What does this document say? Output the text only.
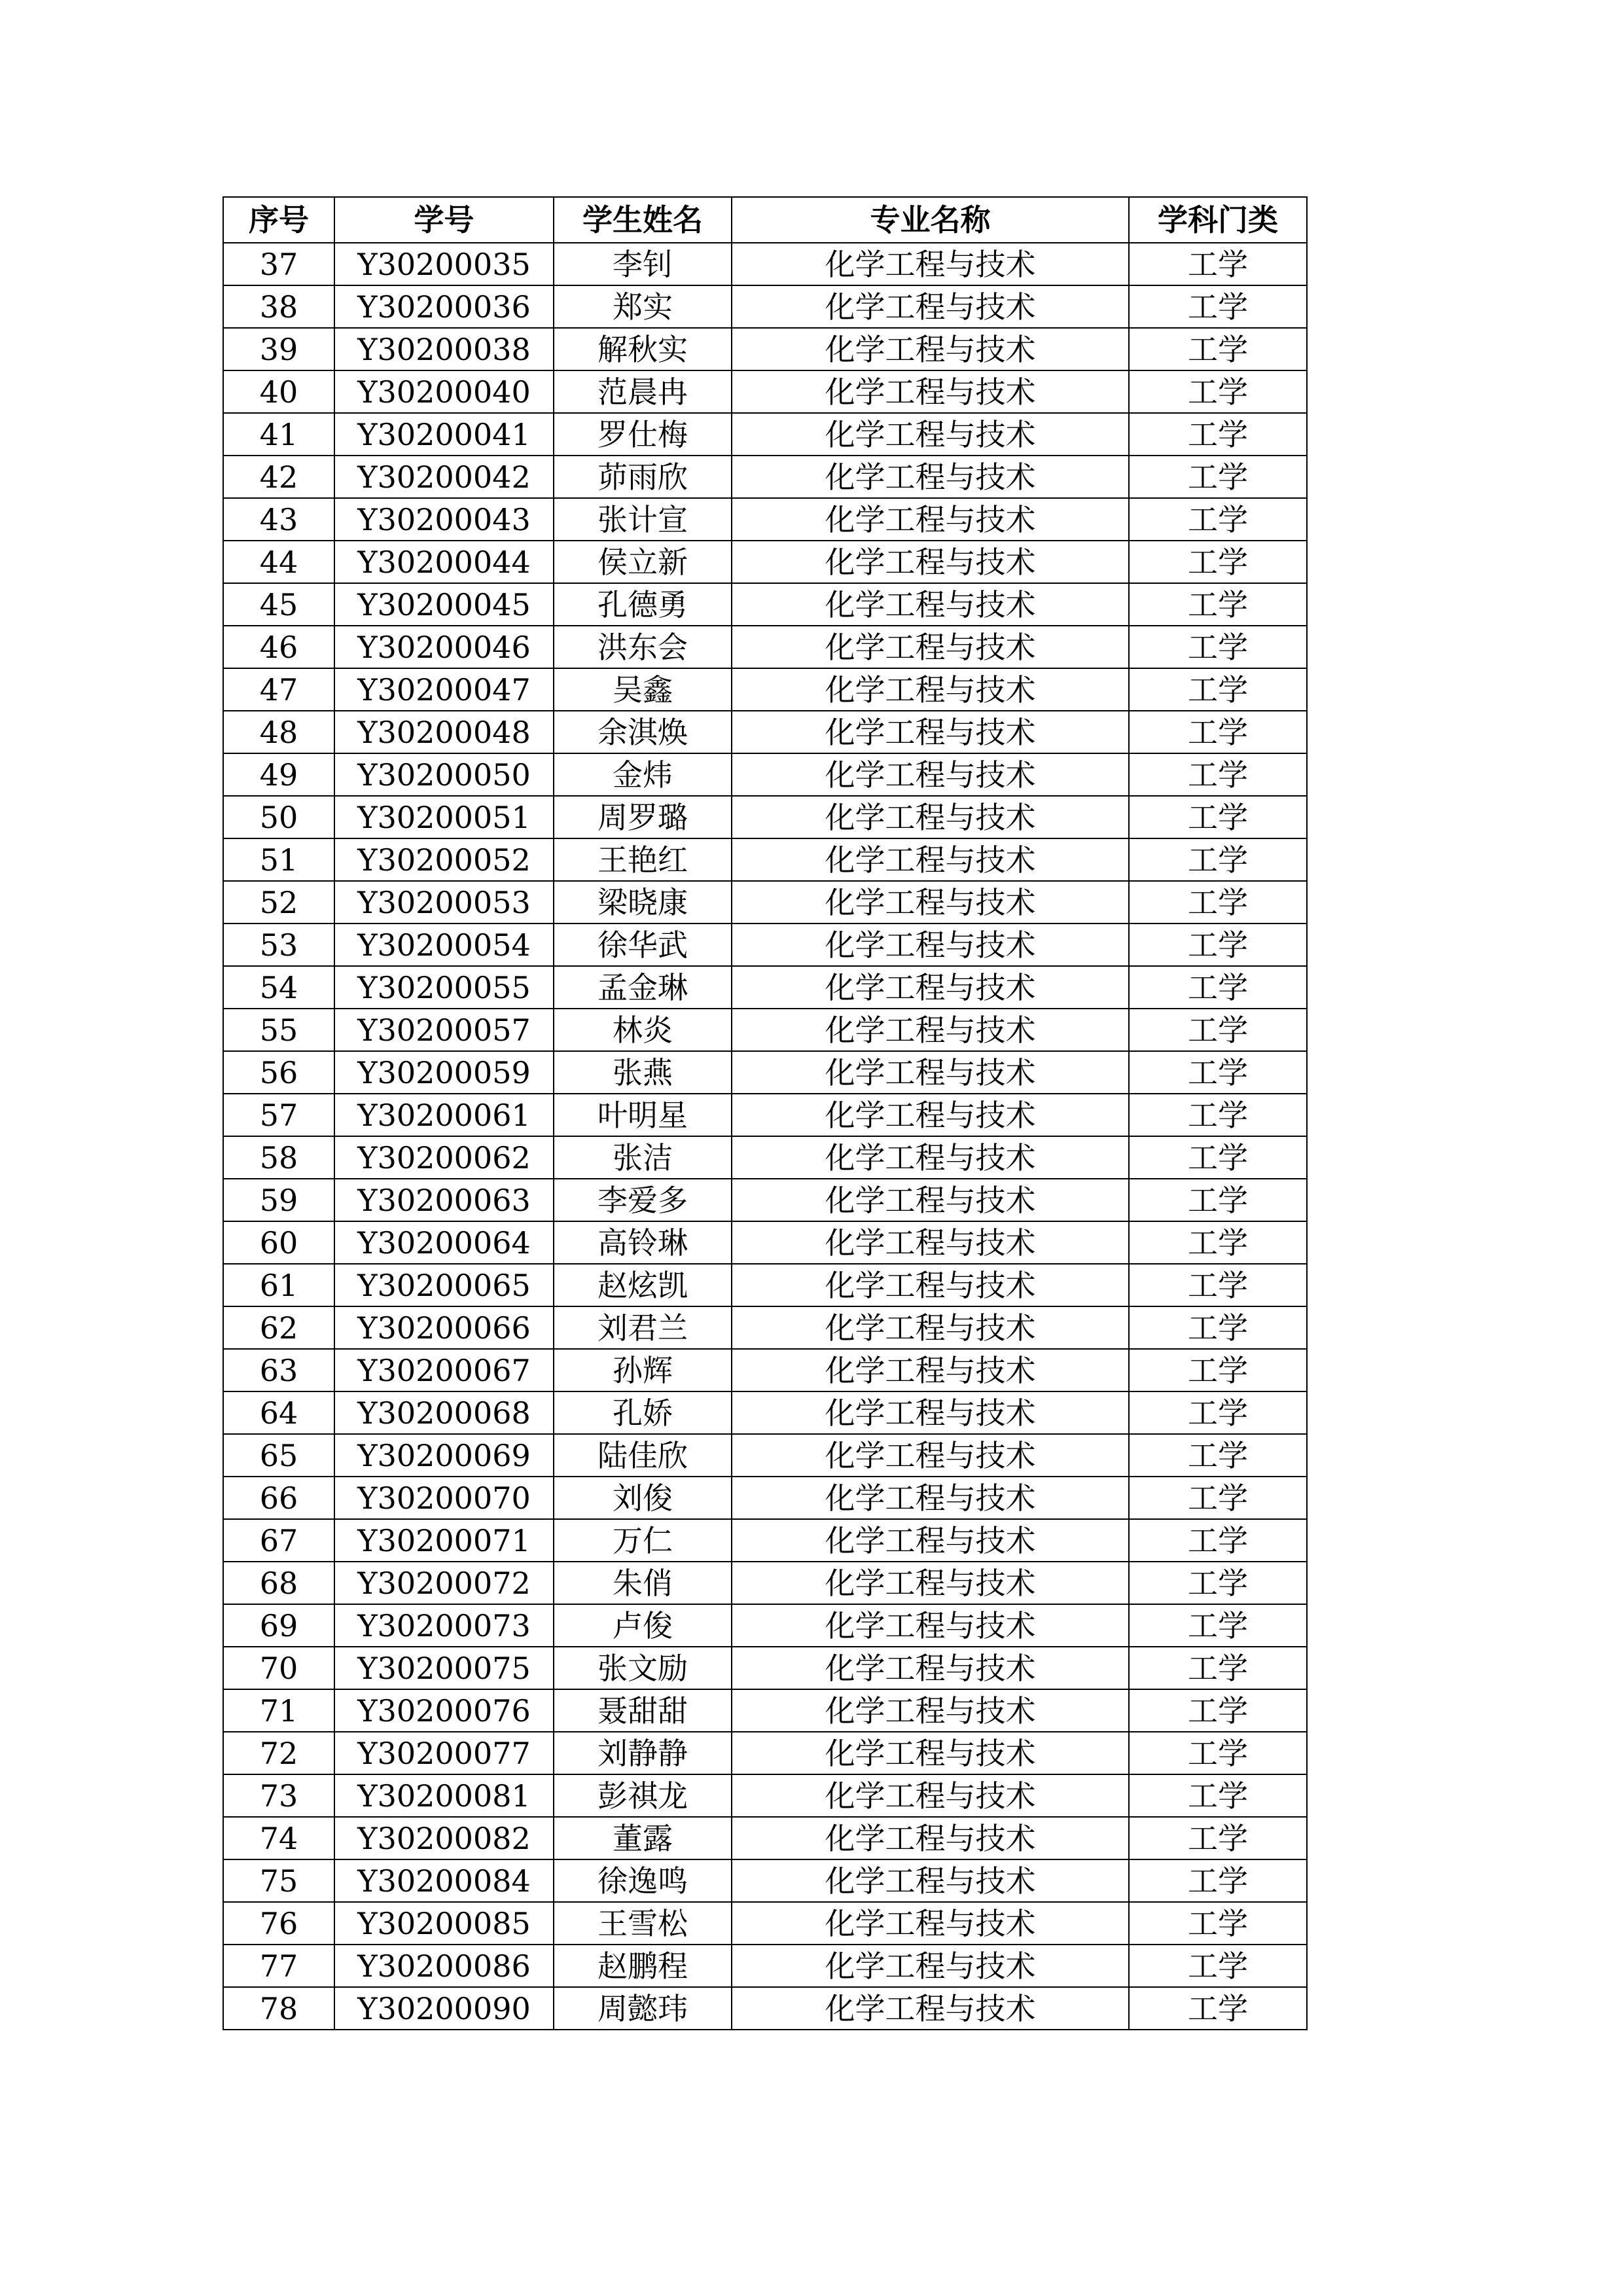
序号	学号	学生姓名	专业名称	学科门类
37	Y30200035	李钊	化学工程与技术	工学
38	Y30200036	郑实	化学工程与技术	工学
39	Y30200038	解秋实	化学工程与技术	工学
40	Y30200040	范晨冉	化学工程与技术	工学
41	Y30200041	罗仕梅	化学工程与技术	工学
42	Y30200042	茆雨欣	化学工程与技术	工学
43	Y30200043	张计宣	化学工程与技术	工学
44	Y30200044	侯立新	化学工程与技术	工学
45	Y30200045	孔德勇	化学工程与技术	工学
46	Y30200046	洪东会	化学工程与技术	工学
47	Y30200047	吴鑫	化学工程与技术	工学
48	Y30200048	余淇焕	化学工程与技术	工学
49	Y30200050	金炜	化学工程与技术	工学
50	Y30200051	周罗璐	化学工程与技术	工学
51	Y30200052	王艳红	化学工程与技术	工学
52	Y30200053	梁晓康	化学工程与技术	工学
53	Y30200054	徐华武	化学工程与技术	工学
54	Y30200055	孟金琳	化学工程与技术	工学
55	Y30200057	林炎	化学工程与技术	工学
56	Y30200059	张燕	化学工程与技术	工学
57	Y30200061	叶明星	化学工程与技术	工学
58	Y30200062	张洁	化学工程与技术	工学
59	Y30200063	李爱多	化学工程与技术	工学
60	Y30200064	高铃琳	化学工程与技术	工学
61	Y30200065	赵炫凯	化学工程与技术	工学
62	Y30200066	刘君兰	化学工程与技术	工学
63	Y30200067	孙辉	化学工程与技术	工学
64	Y30200068	孔娇	化学工程与技术	工学
65	Y30200069	陆佳欣	化学工程与技术	工学
66	Y30200070	刘俊	化学工程与技术	工学
67	Y30200071	万仁	化学工程与技术	工学
68	Y30200072	朱俏	化学工程与技术	工学
69	Y30200073	卢俊	化学工程与技术	工学
70	Y30200075	张文励	化学工程与技术	工学
71	Y30200076	聂甜甜	化学工程与技术	工学
72	Y30200077	刘静静	化学工程与技术	工学
73	Y30200081	彭祺龙	化学工程与技术	工学
74	Y30200082	董露	化学工程与技术	工学
75	Y30200084	徐逸鸣	化学工程与技术	工学
76	Y30200085	王雪松	化学工程与技术	工学
77	Y30200086	赵鹏程	化学工程与技术	工学
78	Y30200090	周懿玮	化学工程与技术	工学
